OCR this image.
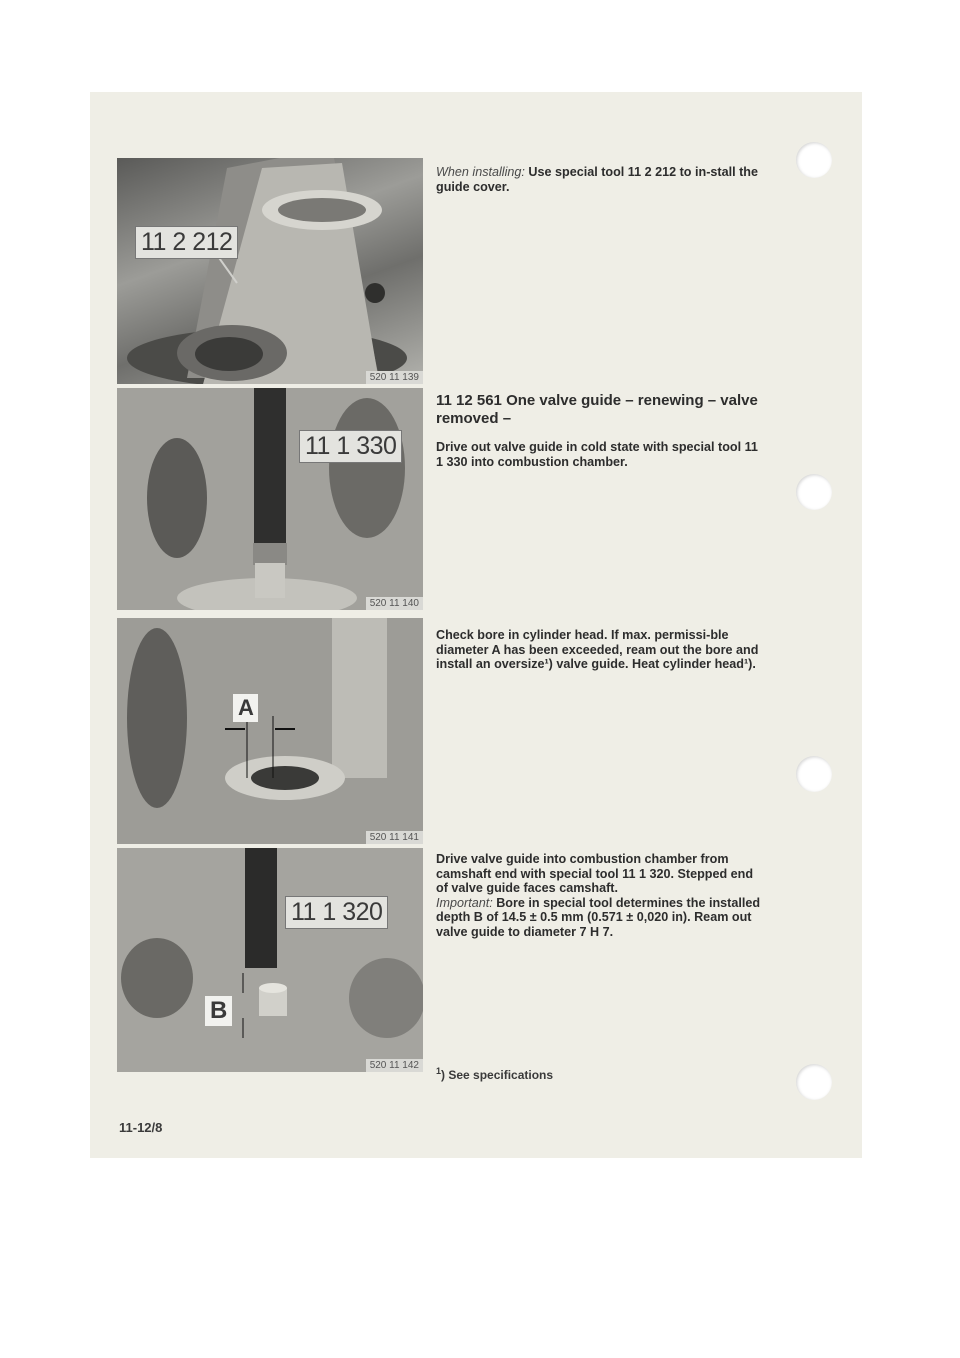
11 2 212
520 11 139
11 1 330
520 11 140
A
520 11 141
11 1 320
B
520 11 142

When installing: Use special tool 11 2 212 to in-stall the guide cover.

11 12 561 One valve guide – renewing – valve removed –

Drive out valve guide in cold state with special tool 11 1 330 into combustion chamber.

Check bore in cylinder head. If max. permissi-ble diameter A has been exceeded, ream out the bore and install an oversize¹) valve guide. Heat cylinder head¹).

Drive valve guide into combustion chamber from camshaft end with special tool 11 1 320. Stepped end of valve guide faces camshaft.

Important: Bore in special tool determines the installed depth B of 14.5 ± 0.5 mm (0.571 ± 0,020 in). Ream out valve guide to diameter 7 H 7.

$^1$) See specifications
11-12/8
